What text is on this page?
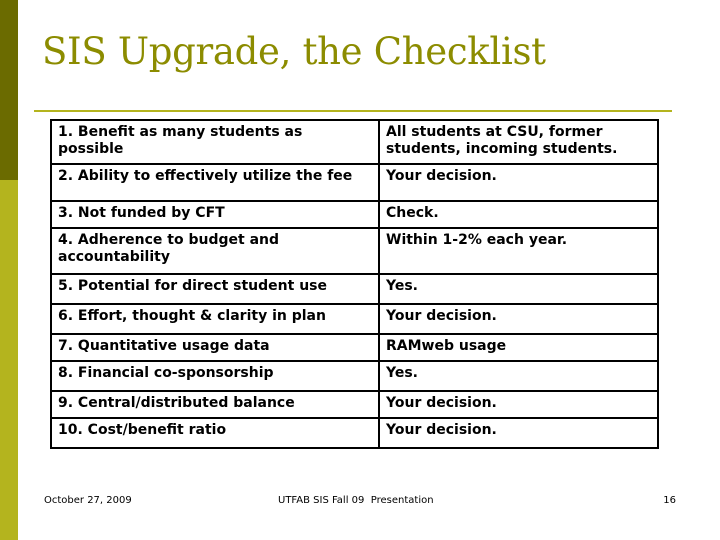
SIS Upgrade, the Checklist
1. Benefit as many students as possible	All students at CSU, former students, incoming students.
2. Ability to effectively utilize the fee	Your decision.
3. Not funded by CFT	Check.
4. Adherence to budget and accountability	Within 1-2% each year.
5. Potential for direct student use	Yes.
6. Effort, thought & clarity in plan	Your decision.
7. Quantitative usage data	RAMweb usage
8. Financial co-sponsorship	Yes.
9. Central/distributed balance	Your decision.
10. Cost/benefit ratio	Your decision.
October 27, 2009	UTFAB SIS Fall 09  Presentation	16
